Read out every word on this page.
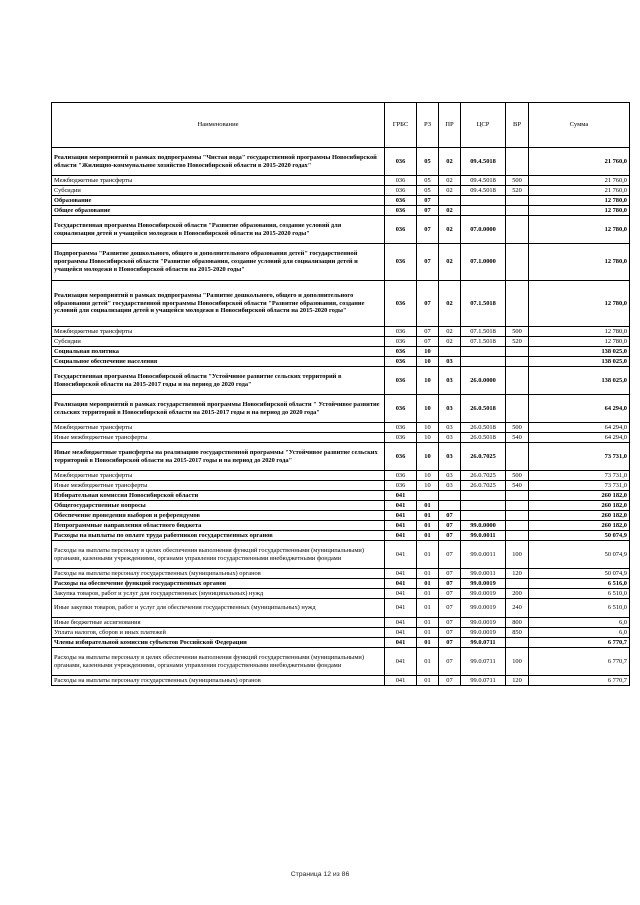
Наименование	ГРБС	РЗ	ПР	ЦСР	ВР	Сумма
Реализация мероприятий в рамках подпрограммы "Чистая вода" государственной программы Новосибирской области "Жилищно-коммунальное хозяйство Новосибирской области в 2015-2020 годах"	036	05	02	09.4.5018		21 760,0
Межбюджетные трансферты	036	05	02	09.4.5018	500	21 760,0
Субсидии	036	05	02	09.4.5018	520	21 760,0
Образование	036	07				12 780,0
Общее образование	036	07	02			12 780,0
Государственная программа Новосибирской области "Развитие образования, создание условий для социализации детей и учащейся молодежи в Новосибирской области на 2015-2020 годы"	036	07	02	07.0.0000		12 780,0
Подпрограмма "Развитие дошкольного, общего и дополнительного образования детей" государственной программы Новосибирской области "Развитие образования, создание условий для социализации детей и учащейся молодежи в Новосибирской области на 2015-2020 годы"	036	07	02	07.1.0000		12 780,0
Реализация мероприятий в рамках подпрограммы "Развитие дошкольного, общего и дополнительного образования детей" государственной программы Новосибирской области "Развитие образования, создание условий для социализации детей и учащейся молодежи в Новосибирской области на 2015-2020 годы"	036	07	02	07.1.5018		12 780,0
Межбюджетные трансферты	036	07	02	07.1.5018	500	12 780,0
Субсидии	036	07	02	07.1.5018	520	12 780,0
Социальная политика	036	10				138 025,0
Социальное обеспечение населения	036	10	03			138 025,0
Государственная программа Новосибирской области "Устойчивое развитие сельских территорий в Новосибирской области на 2015-2017 годы и на период до 2020 года"	036	10	03	26.0.0000		138 025,0
Реализация мероприятий в рамках государственной программы Новосибирской области " Устойчивое развитие сельских территорий в Новосибирской области на 2015-2017 годы и на период до 2020 года"	036	10	03	26.0.5018		64 294,0
Межбюджетные трансферты	036	10	03	26.0.5018	500	64 294,0
Иные межбюджетные трансферты	036	10	03	26.0.5018	540	64 294,0
Иные межбюджетные трансферты на реализацию государственной программы "Устойчивое развитие сельских территорий в Новосибирской области на 2015-2017 годы и на период до 2020 года"	036	10	03	26.0.7025		73 731,0
Межбюджетные трансферты	036	10	03	26.0.7025	500	73 731,0
Иные межбюджетные трансферты	036	10	03	26.0.7025	540	73 731,0
Избирательная комиссия Новосибирской области	041					260 182,0
Общегосударственные вопросы	041	01				260 182,0
Обеспечение проведения выборов и референдумов	041	01	07			260 182,0
Непрограммные направления областного бюджета	041	01	07	99.0.0000		260 182,0
Расходы на выплаты по оплате труда работников государственных органов	041	01	07	99.0.0011		50 074,9
Расходы на выплаты персоналу в целях обеспечения выполнения функций государственными (муниципальными) органами, казенными учреждениями, органами управления государственными внебюджетными фондами	041	01	07	99.0.0011	100	50 074,9
Расходы на выплаты персоналу государственных (муниципальных) органов	041	01	07	99.0.0011	120	50 074,9
Расходы на обеспечение функций государственных органов	041	01	07	99.0.0019		6 516,0
Закупка товаров, работ и услуг для государственных (муниципальных) нужд	041	01	07	99.0.0019	200	6 510,0
Иные закупки товаров, работ и услуг для обеспечения государственных (муниципальных) нужд	041	01	07	99.0.0019	240	6 510,0
Иные бюджетные ассигнования	041	01	07	99.0.0019	800	6,0
Уплата налогов, сборов и иных платежей	041	01	07	99.0.0019	850	6,0
Члены избирательной комиссии субъектов Российской Федерации	041	01	07	99.0.0711		6 770,7
Расходы на выплаты персоналу в целях обеспечения выполнения функций государственными (муниципальными) органами, казенными учреждениями, органами управления государственными внебюджетными фондами	041	01	07	99.0.0711	100	6 770,7
Расходы на выплаты персоналу государственных (муниципальных) органов	041	01	07	99.0.0711	120	6 770,7
Страница 12 из 86
